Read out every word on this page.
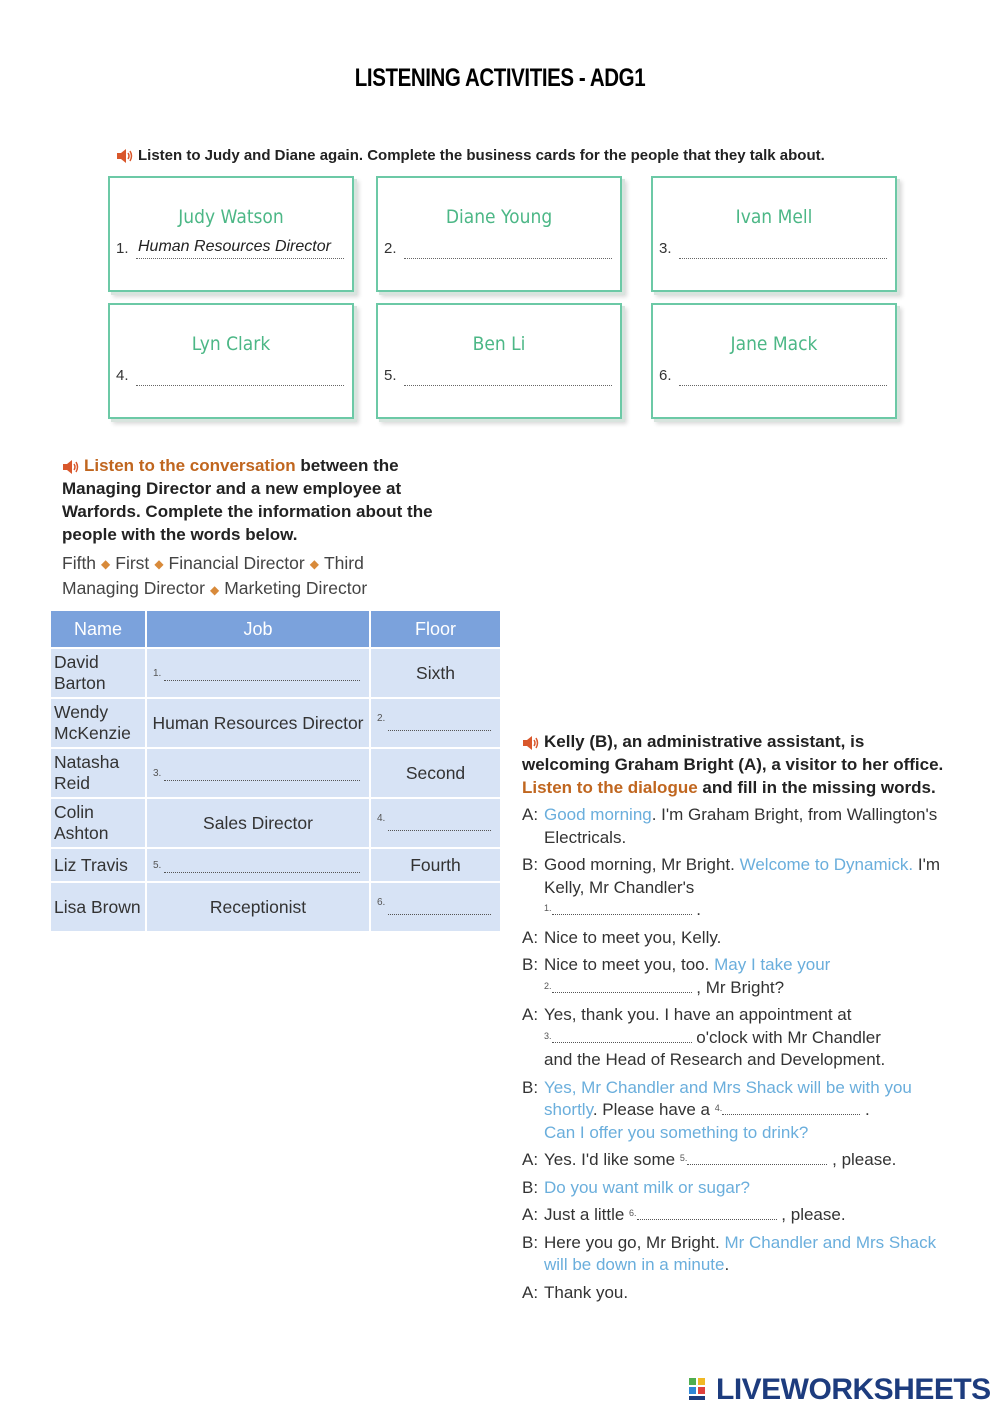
LISTENING ACTIVITIES - ADG1
Listen to Judy and Diane again. Complete the business cards for the people that they talk about.
Judy Watson
1. Human Resources Director
Diane Young
2.
Ivan Mell
3.
Lyn Clark
4.
Ben Li
5.
Jane Mack
6.
Listen to the conversation between the Managing Director and a new employee at Warfords. Complete the information about the people with the words below.
Fifth ◆ First ◆ Financial Director ◆ Third
Managing Director ◆ Marketing Director
Name	Job	Floor
David Barton	1.	Sixth
Wendy McKenzie	Human Resources Director	2.

Natasha Reid	3.	Second
Colin Ashton	Sales Director	4.

Liz Travis	5.	Fourth
Lisa Brown	Receptionist	6.
Kelly (B), an administrative assistant, is welcoming Graham Bright (A), a visitor to her office. Listen to the dialogue and fill in the missing words.
A: Good morning. I'm Graham Bright, from Wallington's Electricals.
B: Good morning, Mr Bright. Welcome to Dynamick. I'm Kelly, Mr Chandler's
$^{1.}$	.
A: Nice to meet you, Kelly.
B: Nice to meet you, too. May I take your
$^{2.}$	, Mr Bright?
A: Yes, thank you. I have an appointment at
$^{3.}$	o'clock with Mr Chandler
and the Head of Research and Development.
B: Yes, Mr Chandler and Mrs Shack will be with you shortly. Please have a $^{4.}$	.
Can I offer you something to drink?
A: Yes. I'd like some $^{5.}$	, please.
B: Do you want milk or sugar?
A: Just a little $^{6.}$	, please.
B: Here you go, Mr Bright. Mr Chandler and Mrs Shack will be down in a minute.
A: Thank you.
LIVEWORKSHEETS
